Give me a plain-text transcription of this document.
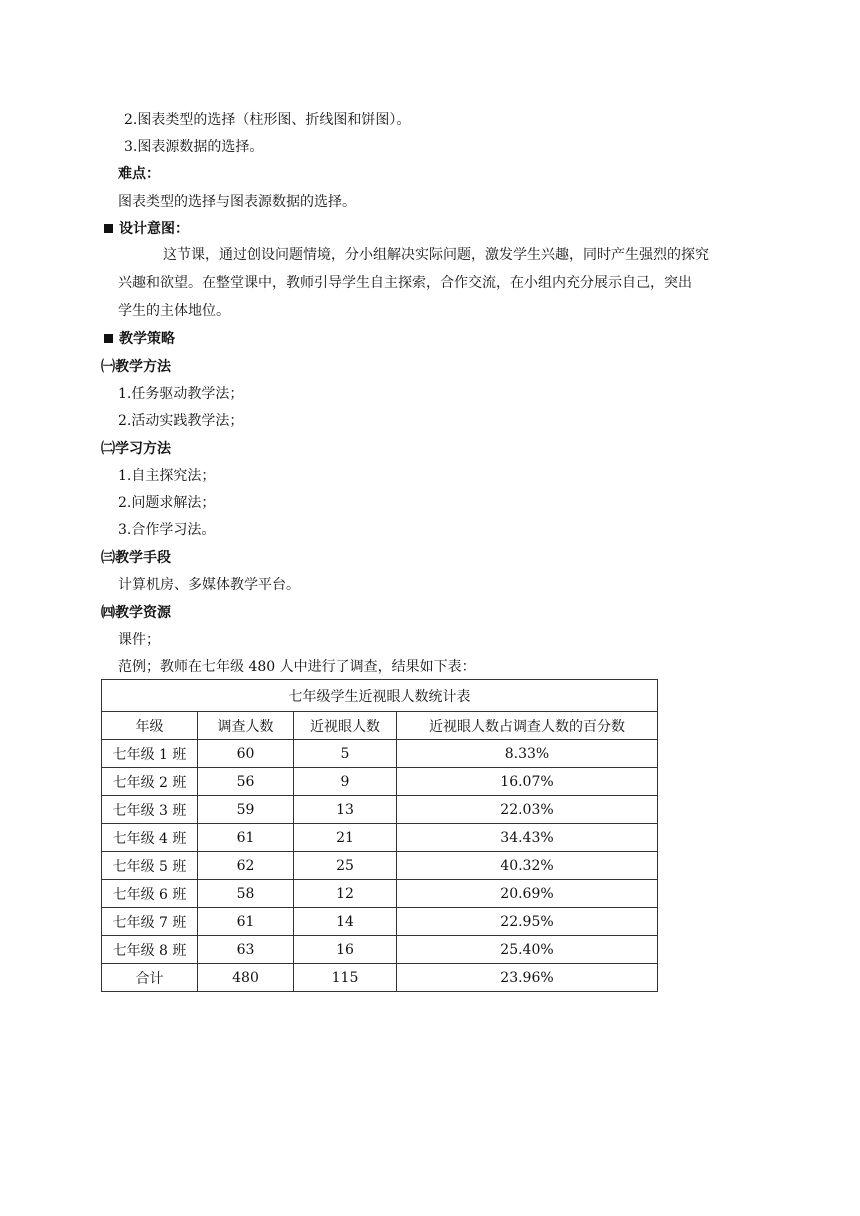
2.图表类型的选择（柱形图、折线图和饼图）。
3.图表源数据的选择。
难点：
图表类型的选择与图表源数据的选择。
设计意图：
这节课，通过创设问题情境，分小组解决实际问题，激发学生兴趣，同时产生强烈的探究
兴趣和欲望。在整堂课中，教师引导学生自主探索，合作交流，在小组内充分展示自己，突出
学生的主体地位。
教学策略
㈠教学方法
1.任务驱动教学法；
2.活动实践教学法；
㈡学习方法
1.自主探究法；
2.问题求解法；
3.合作学习法。
㈢教学手段
计算机房、多媒体教学平台。
㈣教学资源
课件；
范例；教师在七年级 480 人中进行了调查，结果如下表：
七年级学生近视眼人数统计表			
年级	调查人数	近视眼人数	近视眼人数占调查人数的百分数
七年级 1 班	60	5	8.33%
七年级 2 班	56	9	16.07%
七年级 3 班	59	13	22.03%
七年级 4 班	61	21	34.43%
七年级 5 班	62	25	40.32%
七年级 6 班	58	12	20.69%
七年级 7 班	61	14	22.95%
七年级 8 班	63	16	25.40%
合计	480	115	23.96%
